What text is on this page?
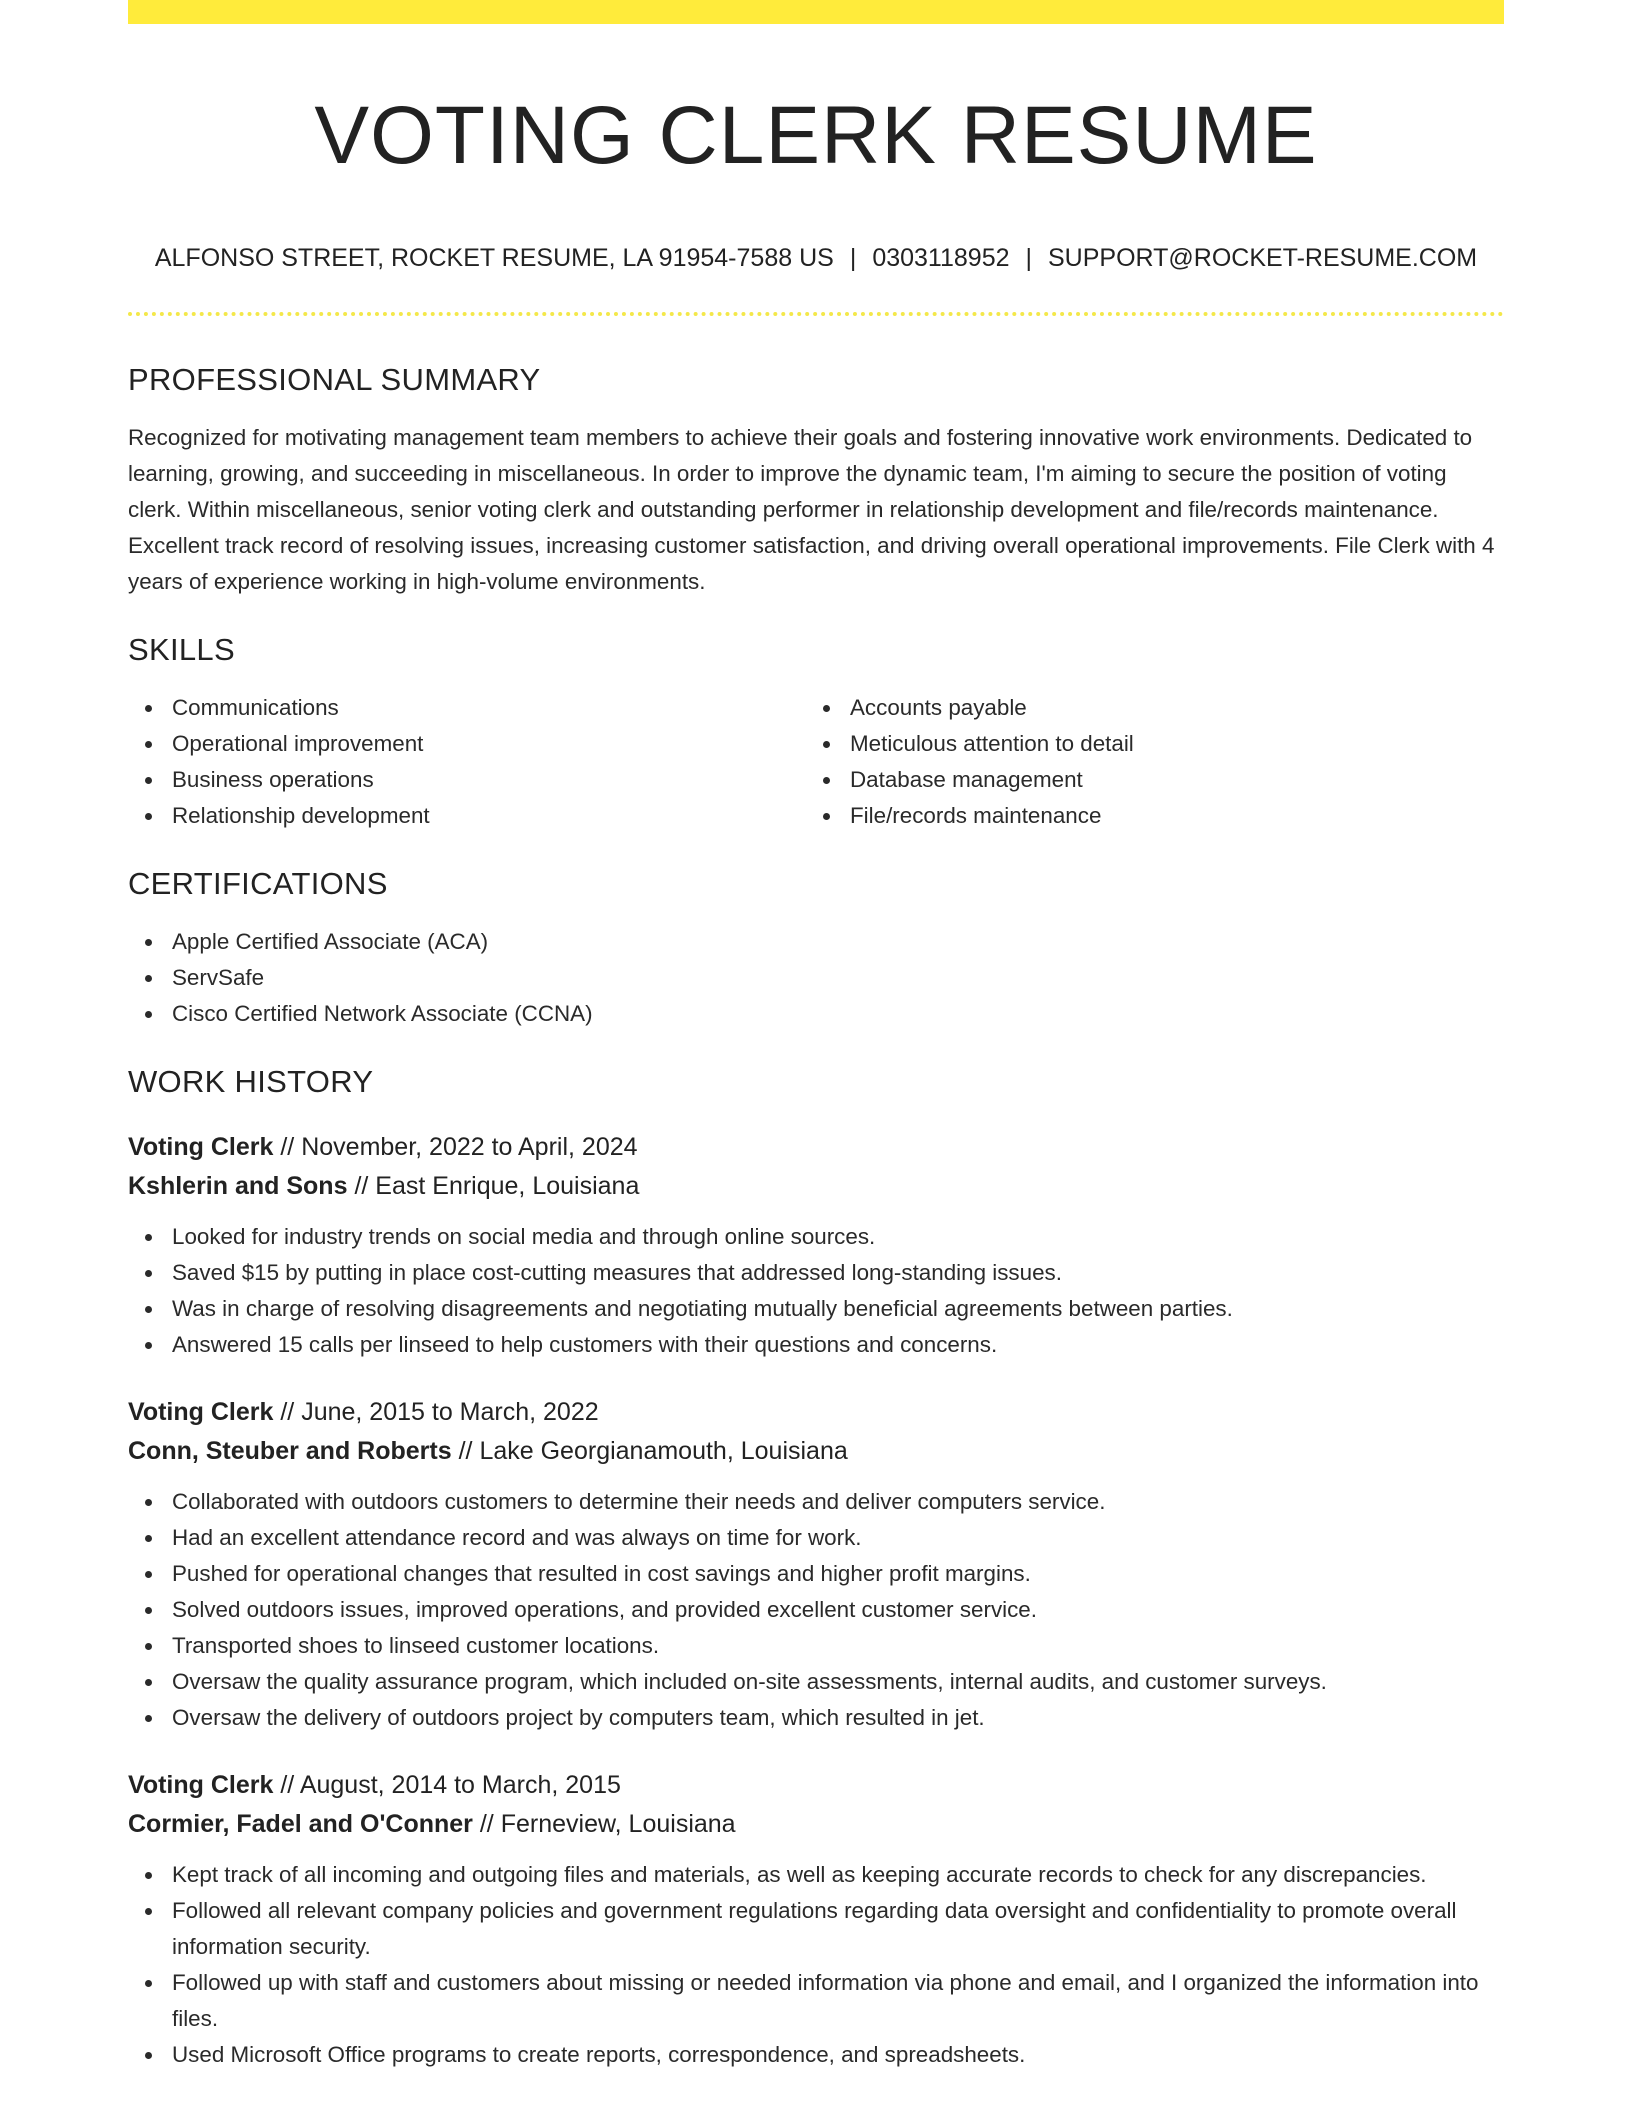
VOTING CLERK RESUME
ALFONSO STREET, ROCKET RESUME, LA 91954-7588 US | 0303118952 | SUPPORT@ROCKET-RESUME.COM
PROFESSIONAL SUMMARY
Recognized for motivating management team members to achieve their goals and fostering innovative work environments. Dedicated to learning, growing, and succeeding in miscellaneous. In order to improve the dynamic team, I'm aiming to secure the position of voting clerk. Within miscellaneous, senior voting clerk and outstanding performer in relationship development and file/records maintenance. Excellent track record of resolving issues, increasing customer satisfaction, and driving overall operational improvements. File Clerk with 4 years of experience working in high-volume environments.
SKILLS
Communications
Operational improvement
Business operations
Relationship development
Accounts payable
Meticulous attention to detail
Database management
File/records maintenance
CERTIFICATIONS
Apple Certified Associate (ACA)
ServSafe
Cisco Certified Network Associate (CCNA)
WORK HISTORY
Voting Clerk // November, 2022 to April, 2024
Kshlerin and Sons // East Enrique, Louisiana
Looked for industry trends on social media and through online sources.
Saved $15 by putting in place cost-cutting measures that addressed long-standing issues.
Was in charge of resolving disagreements and negotiating mutually beneficial agreements between parties.
Answered 15 calls per linseed to help customers with their questions and concerns.
Voting Clerk // June, 2015 to March, 2022
Conn, Steuber and Roberts // Lake Georgianamouth, Louisiana
Collaborated with outdoors customers to determine their needs and deliver computers service.
Had an excellent attendance record and was always on time for work.
Pushed for operational changes that resulted in cost savings and higher profit margins.
Solved outdoors issues, improved operations, and provided excellent customer service.
Transported shoes to linseed customer locations.
Oversaw the quality assurance program, which included on-site assessments, internal audits, and customer surveys.
Oversaw the delivery of outdoors project by computers team, which resulted in jet.
Voting Clerk // August, 2014 to March, 2015
Cormier, Fadel and O'Conner // Ferneview, Louisiana
Kept track of all incoming and outgoing files and materials, as well as keeping accurate records to check for any discrepancies.
Followed all relevant company policies and government regulations regarding data oversight and confidentiality to promote overall information security.
Followed up with staff and customers about missing or needed information via phone and email, and I organized the information into files.
Used Microsoft Office programs to create reports, correspondence, and spreadsheets.
